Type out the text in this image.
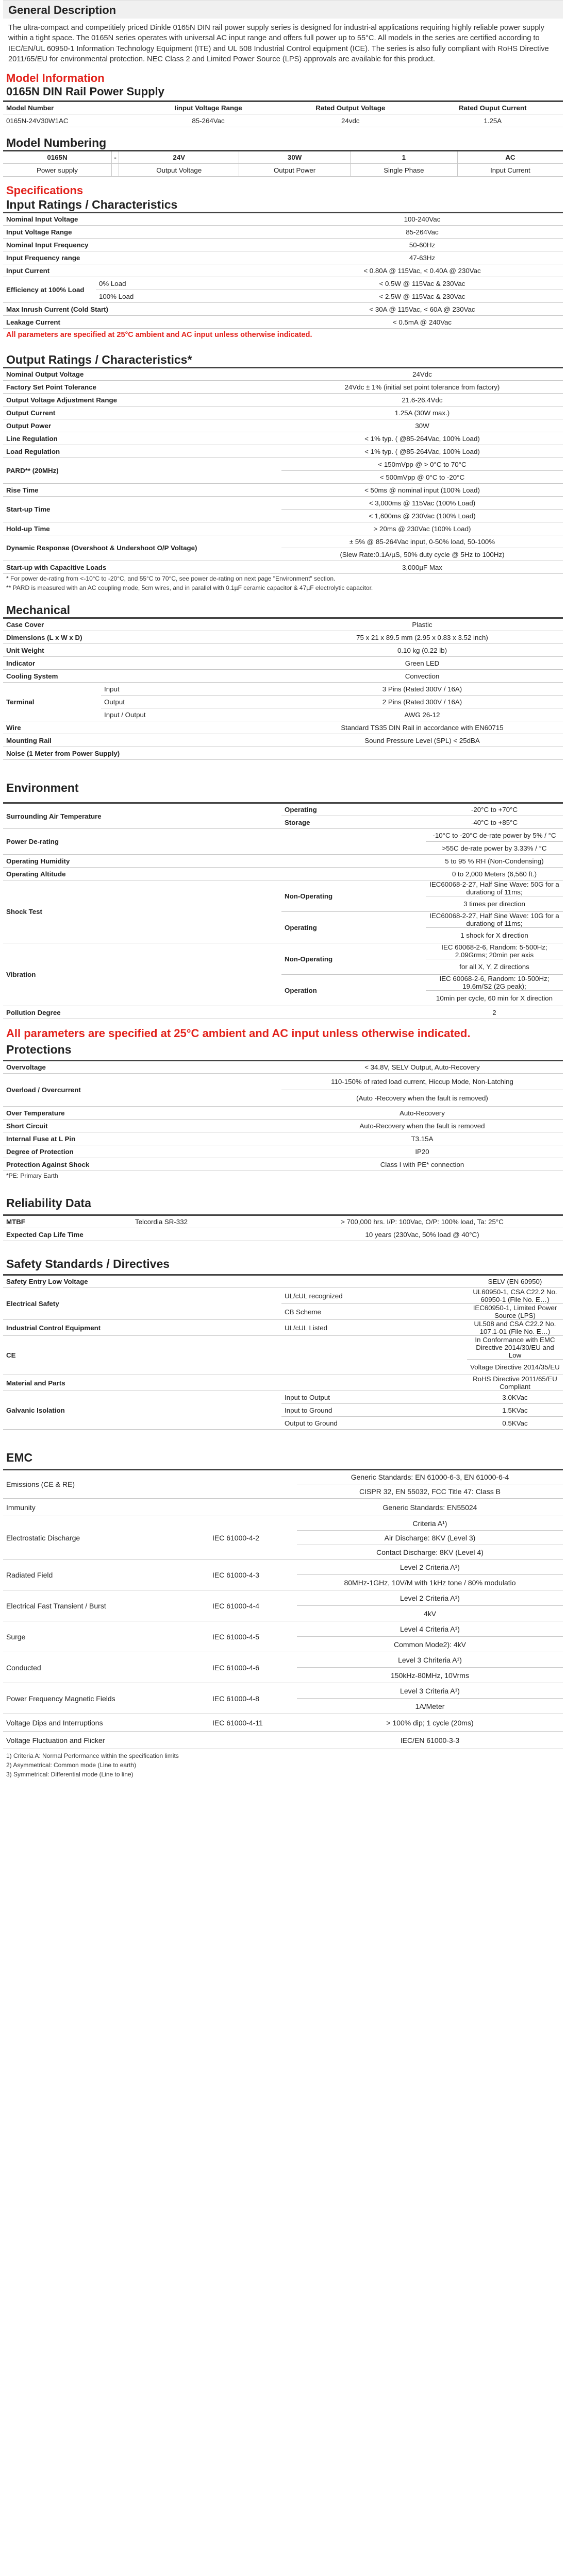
General Description

The ultra-compact and competitiely priced Dinkle 0165N DIN rail power supply series is designed for industri-al applications requiring highly reliable power supply within a tight space. The 0165N series operates with universal AC input range and offers full power up to 55°C. All models in the series are certified according to IEC/EN/UL 60950-1 Information Technology Equipment (ITE) and UL 508 Industrial Control equipment (ICE). The series is also fully compliant with RoHS Directive 2011/65/EU for environmental protection. NEC Class 2 and Limited Power Source (LPS) approvals are available for this product.

Model Information
0165N DIN Rail Power Supply
Model Number	Iinput Voltage Range	Rated Output Voltage	Rated Ouput Current
0165N-24V30W1AC	85-264Vac	24vdc	1.25A
Model Numbering
0165N	-	24V	30W	1	AC
Power supply		Output Voltage	Output Power	Single Phase	Input Current
Specifications
Input Ratings / Characteristics
Nominal Input Voltage		100-240Vac
Input Voltage Range		85-264Vac
Nominal Input Frequency		50-60Hz
Input Frequency range		47-63Hz
Input Current		< 0.80A @ 115Vac, < 0.40A @ 230Vac
Efficiency at 100% Load	0% Load	< 0.5W @ 115Vac & 230Vac
	100% Load	< 2.5W @ 115Vac & 230Vac
Max Inrush Current (Cold Start)		< 30A @ 115Vac, < 60A @ 230Vac
Leakage Current		< 0.5mA @ 240Vac

All parameters are specified at 25°C ambient and AC input unless otherwise indicated.

Output Ratings / Characteristics*
Nominal Output Voltage	24Vdc
Factory Set Point Tolerance	24Vdc ± 1% (initial set point tolerance from factory)
Output Voltage Adjustment Range	21.6-26.4Vdc
Output Current	1.25A (30W max.)
Output Power	30W
Line Regulation	< 1% typ. ( @85-264Vac, 100% Load)
Load Regulation	< 1% typ. ( @85-264Vac, 100% Load)
PARD** (20MHz)	< 150mVpp @ > 0°C to 70°C
	< 500mVpp @ 0°C to -20°C
Rise Time	< 50ms @ nominal input (100% Load)
Start-up Time	< 3,000ms @ 115Vac (100% Load)
	< 1,600ms @ 230Vac (100% Load)
Hold-up Time	> 20ms @ 230Vac (100% Load)
Dynamic Response (Overshoot & Undershoot O/P Voltage)	± 5% @ 85-264Vac input, 0-50% load, 50-100%
	(Slew Rate:0.1A/µS, 50% duty cycle @ 5Hz to 100Hz)
Start-up with Capacitive Loads	3,000µF Max

* For power de-rating from <-10°C to -20°C, and 55°C to 70°C, see power de-rating on next page "Environment" section.

** PARD is measured with an AC coupling mode, 5cm wires, and in parallel with 0.1µF ceramic capacitor & 47µF electrolytic capacitor.

Mechanical
Case Cover		Plastic
Dimensions (L x W x D)		75 x 21 x 89.5 mm (2.95 x 0.83 x 3.52 inch)
Unit Weight		0.10 kg (0.22 lb)
Indicator		Green LED
Cooling System		Convection
Terminal	Input	3 Pins (Rated 300V / 16A)
	Output	2 Pins (Rated 300V / 16A)
	Input / Output	AWG 26-12
Wire		Standard TS35 DIN Rail in accordance with EN60715
Mounting Rail		Sound Pressure Level (SPL) < 25dBA
Noise (1 Meter from Power Supply)		
Environment
Surrounding Air Temperature	Operating	-20°C to +70°C
	Storage	-40°C to +85°C
Power De-rating		-10°C to -20°C de-rate power by 5% / °C
		>55C de-rate power by 3.33% / °C
Operating Humidity		5 to 95 % RH (Non-Condensing)
Operating Altitude		0 to 2,000 Meters (6,560 ft.)
Shock Test	Non-Operating	IEC60068-2-27, Half Sine Wave: 50G for a durationg of 11ms;
		3 times per direction
	Operating	IEC60068-2-27, Half Sine Wave: 10G for a durationg of 11ms;
		1 shock for X direction
Vibration	Non-Operating	IEC 60068-2-6, Random: 5-500Hz; 2.09Grms; 20min per axis
		for all X, Y, Z directions
	Operation	IEC 60068-2-6, Random: 10-500Hz; 19.6m/S2 (2G peak);
		10min per cycle, 60 min for X direction
Pollution Degree		2

All parameters are specified at 25°C ambient and AC input unless otherwise indicated.

Protections
Overvoltage	< 34.8V, SELV Output, Auto-Recovery
Overload / Overcurrent	110-150% of rated load current, Hiccup Mode, Non-Latching
	(Auto -Recovery when the fault is removed)
Over Temperature	Auto-Recovery
Short Circuit	Auto-Recovery when the fault is removed
Internal Fuse at L Pin	T3.15A
Degree of Protection	IP20
Protection Against Shock	Class I with PE* connection

*PE: Primary Earth

Reliability Data
MTBF	Telcordia SR-332	> 700,000 hrs. I/P: 100Vac, O/P: 100% load, Ta: 25°C
Expected Cap Life Time		10 years (230Vac, 50% load @ 40°C)
Safety Standards / Directives
Safety Entry Low Voltage		SELV (EN 60950)
Electrical Safety	UL/cUL recognized	UL60950-1, CSA C22.2 No. 60950-1 (File No. E…)
	CB Scheme	IEC60950-1, Limited Power Source (LPS)
Industrial Control Equipment	UL/cUL Listed	UL508 and CSA C22.2 No. 107.1-01 (File No. E…)
CE		In Conformance with EMC Directive 2014/30/EU and Low
		Voltage Directive 2014/35/EU
Material and Parts		RoHS Directive 2011/65/EU Compliant
Galvanic Isolation	Input to Output	3.0KVac
	Input to Ground	1.5KVac
	Output to Ground	0.5KVac
EMC
Emissions (CE & RE)		Generic Standards: EN 61000-6-3, EN 61000-6-4
		CISPR 32, EN 55032, FCC Title 47: Class B
Immunity		Generic Standards: EN55024
Electrostatic Discharge	IEC 61000-4-2	Criteria A¹)
		Air Discharge: 8KV (Level 3)
		Contact Discharge: 8KV (Level 4)
Radiated Field	IEC 61000-4-3	Level 2 Criteria A¹)
		80MHz-1GHz, 10V/M with 1kHz tone / 80% modulatio
Electrical Fast Transient / Burst	IEC 61000-4-4	Level 2 Criteria A¹)
		4kV
Surge	IEC 61000-4-5	Level 4 Criteria A¹)
		Common Mode2): 4kV
Conducted	IEC 61000-4-6	Level 3 Chriteria A¹)
		150kHz-80MHz, 10Vrms
Power Frequency Magnetic Fields	IEC 61000-4-8	Level 3 Criteria A¹)
		1A/Meter
Voltage Dips and Interruptions	IEC 61000-4-11	> 100% dip; 1 cycle (20ms)
Voltage Fluctuation and Flicker		IEC/EN 61000-3-3

1) Criteria A: Normal Performance within the specification limits

2) Asymmetrical: Common mode (Line to earth)

3) Symmetrical: Differential mode (Line to line)
